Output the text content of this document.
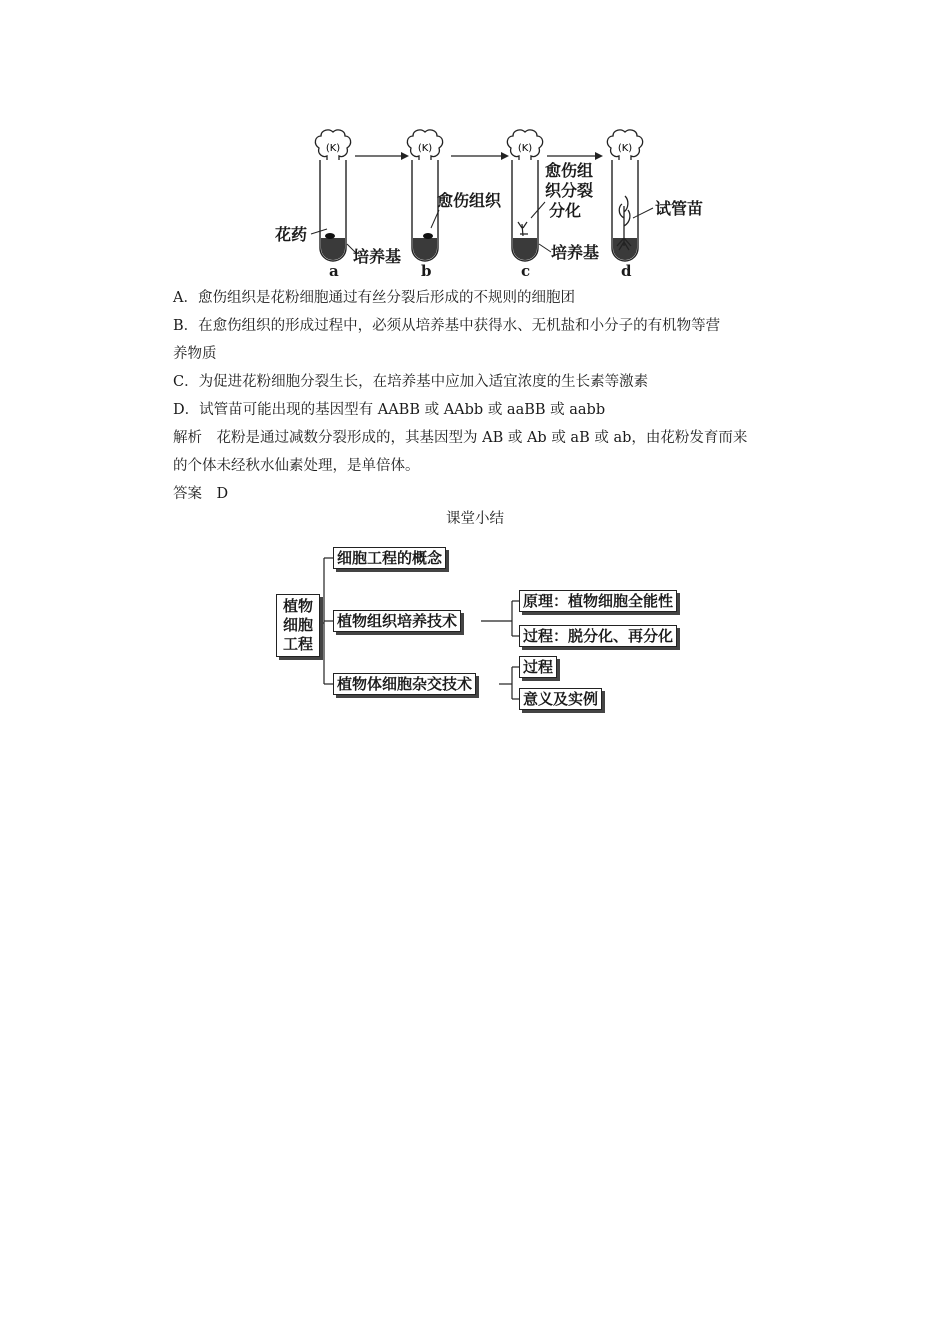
(K)
花药
培养基
愈伤组织
愈伤组
织分裂
分化
培养基
试管苗
a	b	c	d
A．愈伤组织是花粉细胞通过有丝分裂后形成的不规则的细胞团
B．在愈伤组织的形成过程中，必须从培养基中获得水、无机盐和小分子的有机物等营
养物质
C．为促进花粉细胞分裂生长，在培养基中应加入适宜浓度的生长素等激素
D．试管苗可能出现的基因型有 AABB 或 AAbb 或 aaBB 或 aabb
解析　花粉是通过减数分裂形成的，其基因型为 AB 或 Ab 或 aB 或 ab，由花粉发育而来
的个体未经秋水仙素处理，是单倍体。
答案　D
课堂小结
植物细胞工程
细胞工程的概念
植物组织培养技术
原理：植物细胞全能性
过程：脱分化、再分化
植物体细胞杂交技术
过程
意义及实例
